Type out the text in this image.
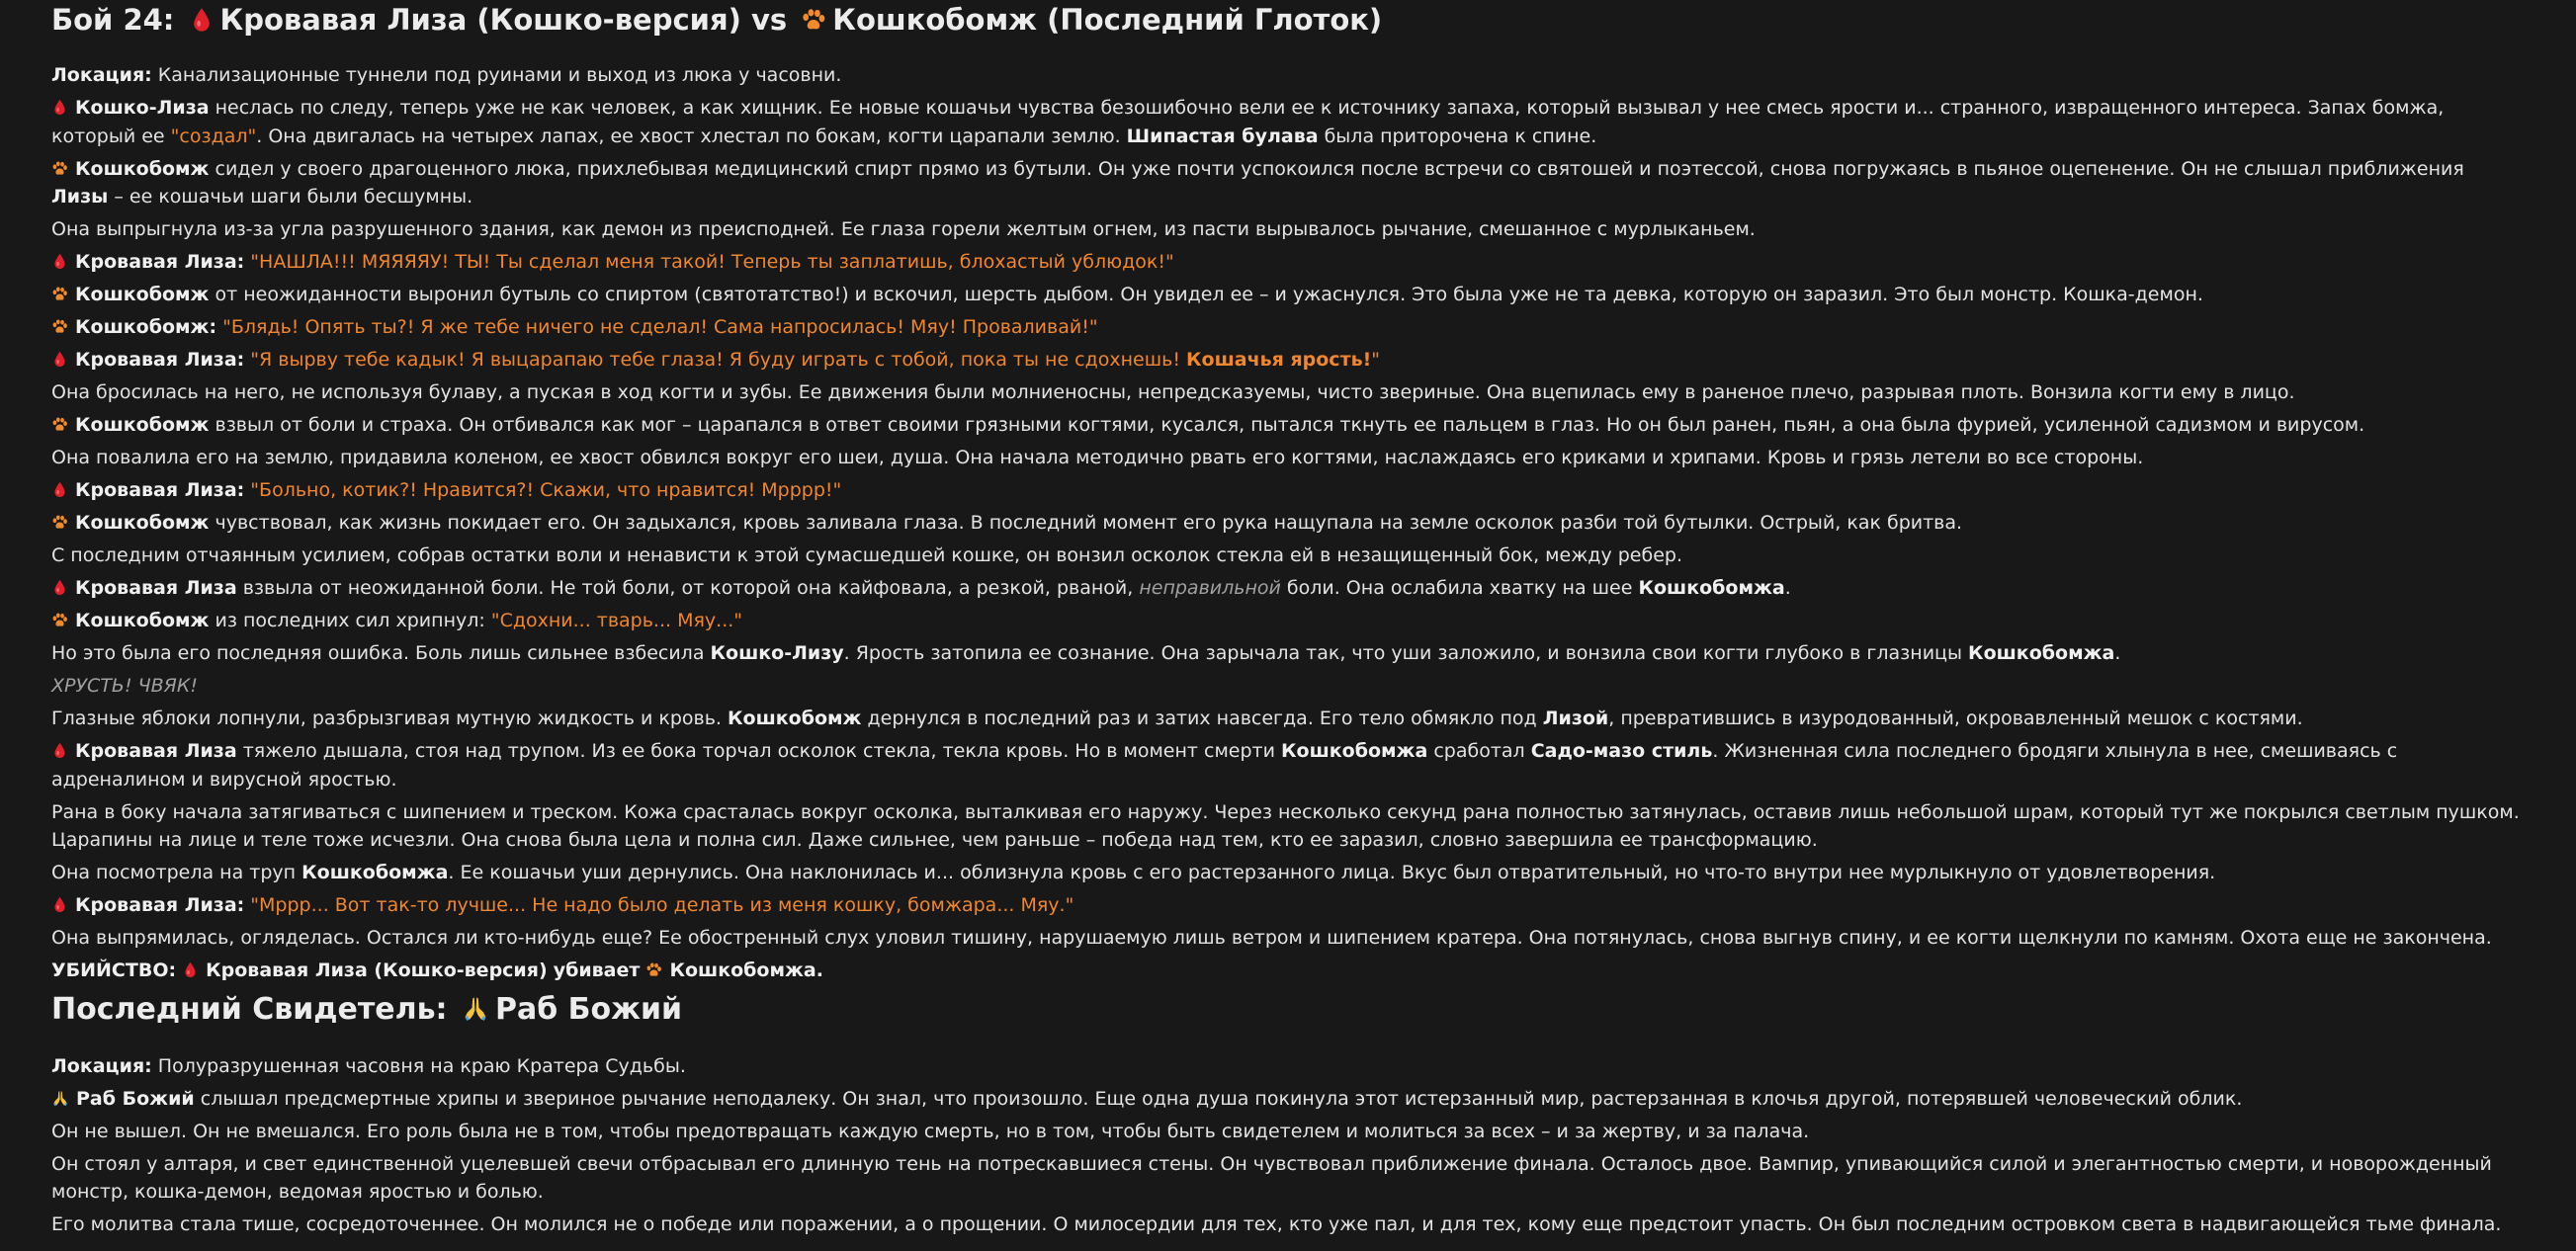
Бой 24: Кровавая Лиза (Кошко-версия) vs Кошкобомж (Последний Глоток)

Локация: Канализационные туннели под руинами и выход из люка у часовни.

Кошко-Лиза неслась по следу, теперь уже не как человек, а как хищник. Ее новые кошачьи чувства безошибочно вели ее к источнику запаха, который вызывал у нее смесь ярости и... странного, извращенного интереса. Запах бомжа, который ее "создал". Она двигалась на четырех лапах, ее хвост хлестал по бокам, когти царапали землю. Шипастая булава была приторочена к спине.

Кошкобомж сидел у своего драгоценного люка, прихлебывая медицинский спирт прямо из бутыли. Он уже почти успокоился после встречи со святошей и поэтессой, снова погружаясь в пьяное оцепенение. Он не слышал приближения Лизы – ее кошачьи шаги были бесшумны.

Она выпрыгнула из-за угла разрушенного здания, как демон из преисподней. Ее глаза горели желтым огнем, из пасти вырывалось рычание, смешанное с мурлыканьем.

Кровавая Лиза: "НАШЛА!!! МЯЯЯЯУ! ТЫ! Ты сделал меня такой! Теперь ты заплатишь, блохастый ублюдок!"

Кошкобомж от неожиданности выронил бутыль со спиртом (святотатство!) и вскочил, шерсть дыбом. Он увидел ее – и ужаснулся. Это была уже не та девка, которую он заразил. Это был монстр. Кошка-демон.

Кошкобомж: "Блядь! Опять ты?! Я же тебе ничего не сделал! Сама напросилась! Мяу! Проваливай!"

Кровавая Лиза: "Я вырву тебе кадык! Я выцарапаю тебе глаза! Я буду играть с тобой, пока ты не сдохнешь! Кошачья ярость!"

Она бросилась на него, не используя булаву, а пуская в ход когти и зубы. Ее движения были молниеносны, непредсказуемы, чисто звериные. Она вцепилась ему в раненое плечо, разрывая плоть. Вонзила когти ему в лицо.

Кошкобомж взвыл от боли и страха. Он отбивался как мог – царапался в ответ своими грязными когтями, кусался, пытался ткнуть ее пальцем в глаз. Но он был ранен, пьян, а она была фурией, усиленной садизмом и вирусом.

Она повалила его на землю, придавила коленом, ее хвост обвился вокруг его шеи, душа. Она начала методично рвать его когтями, наслаждаясь его криками и хрипами. Кровь и грязь летели во все стороны.

Кровавая Лиза: "Больно, котик?! Нравится?! Скажи, что нравится! Мрррр!"

Кошкобомж чувствовал, как жизнь покидает его. Он задыхался, кровь заливала глаза. В последний момент его рука нащупала на земле осколок разби той бутылки. Острый, как бритва.

С последним отчаянным усилием, собрав остатки воли и ненависти к этой сумасшедшей кошке, он вонзил осколок стекла ей в незащищенный бок, между ребер.

Кровавая Лиза взвыла от неожиданной боли. Не той боли, от которой она кайфовала, а резкой, рваной, неправильной боли. Она ослабила хватку на шее Кошкобомжа.

Кошкобомж из последних сил хрипнул: "Сдохни... тварь... Мяу..."

Но это была его последняя ошибка. Боль лишь сильнее взбесила Кошко-Лизу. Ярость затопила ее сознание. Она зарычала так, что уши заложило, и вонзила свои когти глубоко в глазницы Кошкобомжа.

ХРУСТЬ! ЧВЯК!

Глазные яблоки лопнули, разбрызгивая мутную жидкость и кровь. Кошкобомж дернулся в последний раз и затих навсегда. Его тело обмякло под Лизой, превратившись в изуродованный, окровавленный мешок с костями.

Кровавая Лиза тяжело дышала, стоя над трупом. Из ее бока торчал осколок стекла, текла кровь. Но в момент смерти Кошкобомжа сработал Садо-мазо стиль. Жизненная сила последнего бродяги хлынула в нее, смешиваясь с адреналином и вирусной яростью.

Рана в боку начала затягиваться с шипением и треском. Кожа срасталась вокруг осколка, выталкивая его наружу. Через несколько секунд рана полностью затянулась, оставив лишь небольшой шрам, который тут же покрылся светлым пушком. Царапины на лице и теле тоже исчезли. Она снова была цела и полна сил. Даже сильнее, чем раньше – победа над тем, кто ее заразил, словно завершила ее трансформацию.

Она посмотрела на труп Кошкобомжа. Ее кошачьи уши дернулись. Она наклонилась и... облизнула кровь с его растерзанного лица. Вкус был отвратительный, но что-то внутри нее мурлыкнуло от удовлетворения.

Кровавая Лиза: "Мррр... Вот так-то лучше... Не надо было делать из меня кошку, бомжара... Мяу."

Она выпрямилась, огляделась. Остался ли кто-нибудь еще? Ее обостренный слух уловил тишину, нарушаемую лишь ветром и шипением кратера. Она потянулась, снова выгнув спину, и ее когти щелкнули по камням. Охота еще не закончена.

УБИЙСТВО: Кровавая Лиза (Кошко-версия) убивает Кошкобомжа.

Последний Свидетель: Раб Божий

Локация: Полуразрушенная часовня на краю Кратера Судьбы.

Раб Божий слышал предсмертные хрипы и звериное рычание неподалеку. Он знал, что произошло. Еще одна душа покинула этот истерзанный мир, растерзанная в клочья другой, потерявшей человеческий облик.

Он не вышел. Он не вмешался. Его роль была не в том, чтобы предотвращать каждую смерть, но в том, чтобы быть свидетелем и молиться за всех – и за жертву, и за палача.

Он стоял у алтаря, и свет единственной уцелевшей свечи отбрасывал его длинную тень на потрескавшиеся стены. Он чувствовал приближение финала. Осталось двое. Вампир, упивающийся силой и элегантностью смерти, и новорожденный монстр, кошка-демон, ведомая яростью и болью.

Его молитва стала тише, сосредоточеннее. Он молился не о победе или поражении, а о прощении. О милосердии для тех, кто уже пал, и для тех, кому еще предстоит упасть. Он был последним островком света в надвигающейся тьме финала.
